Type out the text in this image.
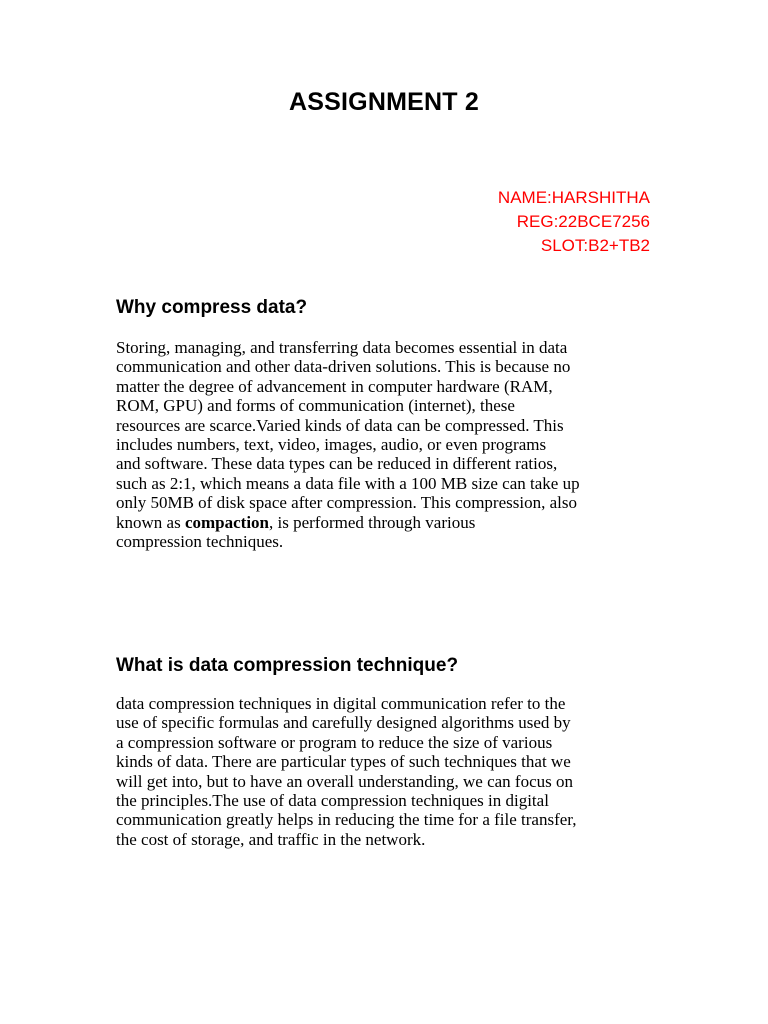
ASSIGNMENT 2
NAME:HARSHITHA
REG:22BCE7256
SLOT:B2+TB2
Why compress data?

Storing, managing, and transferring data becomes essential in data
communication and other data-driven solutions. This is because no
matter the degree of advancement in computer hardware (RAM,
ROM, GPU) and forms of communication (internet), these
resources are scarce.Varied kinds of data can be compressed. This
includes numbers, text, video, images, audio, or even programs
and software. These data types can be reduced in different ratios,
such as 2:1, which means a data file with a 100 MB size can take up
only 50MB of disk space after compression. This compression, also
known as compaction, is performed through various
compression techniques.

What is data compression technique?

data compression techniques in digital communication refer to the
use of specific formulas and carefully designed algorithms used by
a compression software or program to reduce the size of various
kinds of data. There are particular types of such techniques that we
will get into, but to have an overall understanding, we can focus on
the principles.The use of data compression techniques in digital
communication greatly helps in reducing the time for a file transfer,
the cost of storage, and traffic in the network.
